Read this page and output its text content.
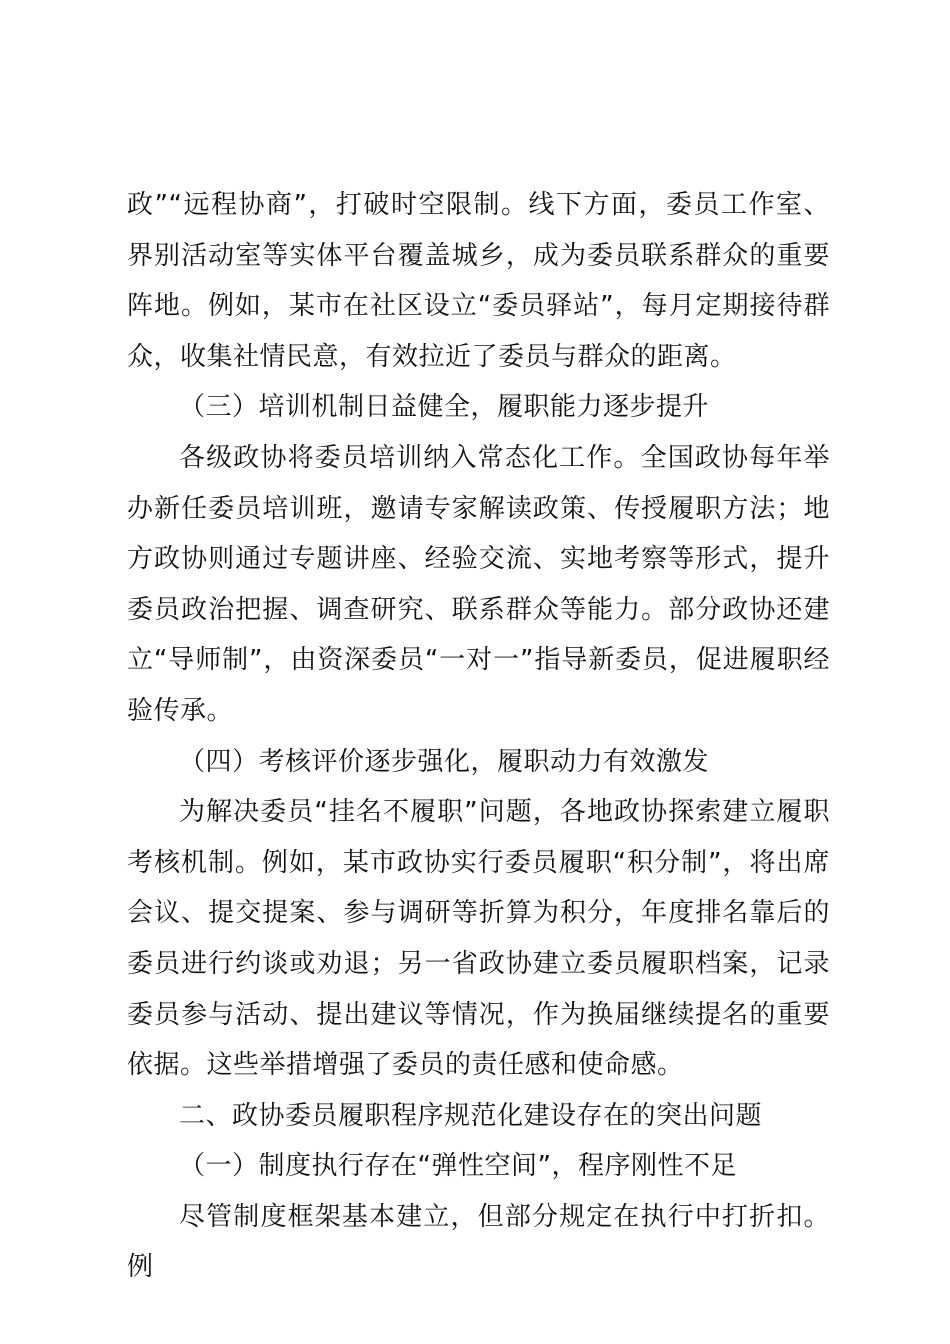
政”“远程协商”，打破时空限制。线下方面，委员工作室、界别活动室等实体平台覆盖城乡，成为委员联系群众的重要阵地。例如，某市在社区设立“委员驿站”，每月定期接待群众，收集社情民意，有效拉近了委员与群众的距离。

（三）培训机制日益健全，履职能力逐步提升

各级政协将委员培训纳入常态化工作。全国政协每年举办新任委员培训班，邀请专家解读政策、传授履职方法；地方政协则通过专题讲座、经验交流、实地考察等形式，提升委员政治把握、调查研究、联系群众等能力。部分政协还建立“导师制”，由资深委员“一对一”指导新委员，促进履职经验传承。

（四）考核评价逐步强化，履职动力有效激发

为解决委员“挂名不履职”问题，各地政协探索建立履职考核机制。例如，某市政协实行委员履职“积分制”，将出席会议、提交提案、参与调研等折算为积分，年度排名靠后的委员进行约谈或劝退；另一省政协建立委员履职档案，记录委员参与活动、提出建议等情况，作为换届继续提名的重要依据。这些举措增强了委员的责任感和使命感。

二、政协委员履职程序规范化建设存在的突出问题

（一）制度执行存在“弹性空间”，程序刚性不足

尽管制度框架基本建立，但部分规定在执行中打折扣。例
